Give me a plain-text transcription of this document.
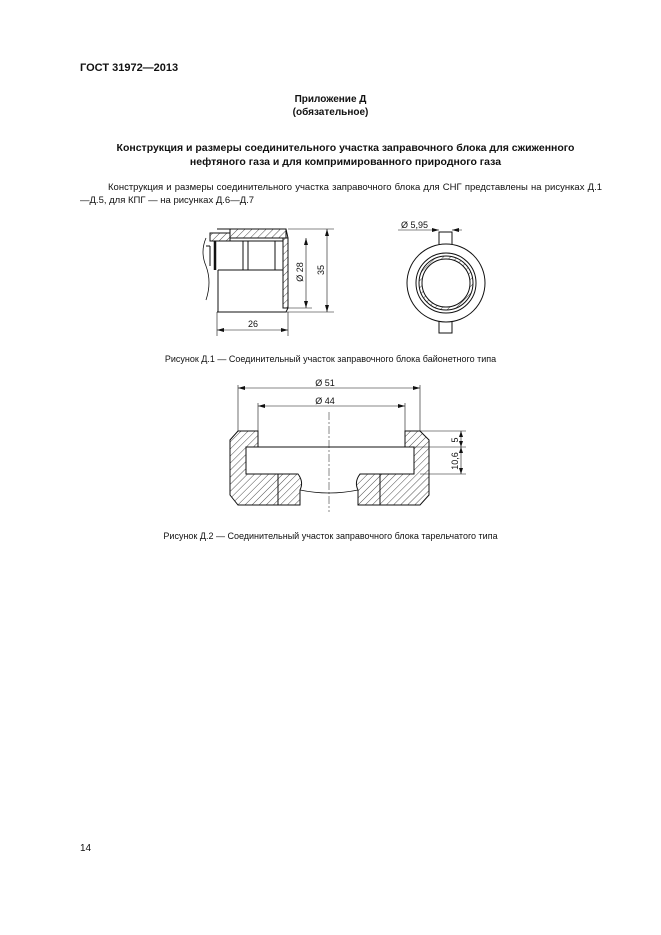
ГОСТ 31972—2013
Приложение Д
(обязательное)
Конструкция и размеры соединительного участка заправочного блока для сжиженного нефтяного газа и для компримированного природного газа
Конструкция и размеры соединительного участка заправочного блока для СНГ представлены на рисунках Д.1—Д.5, для КПГ — на рисунках Д.6—Д.7
Ø 28 35
26
Ø 5,95
Ø 51
Ø 44
5
10,6
Рисунок Д.1 — Соединительный участок заправочного блока байонетного типа
Рисунок Д.2 — Соединительный участок заправочного блока тарельчатого типа
14
